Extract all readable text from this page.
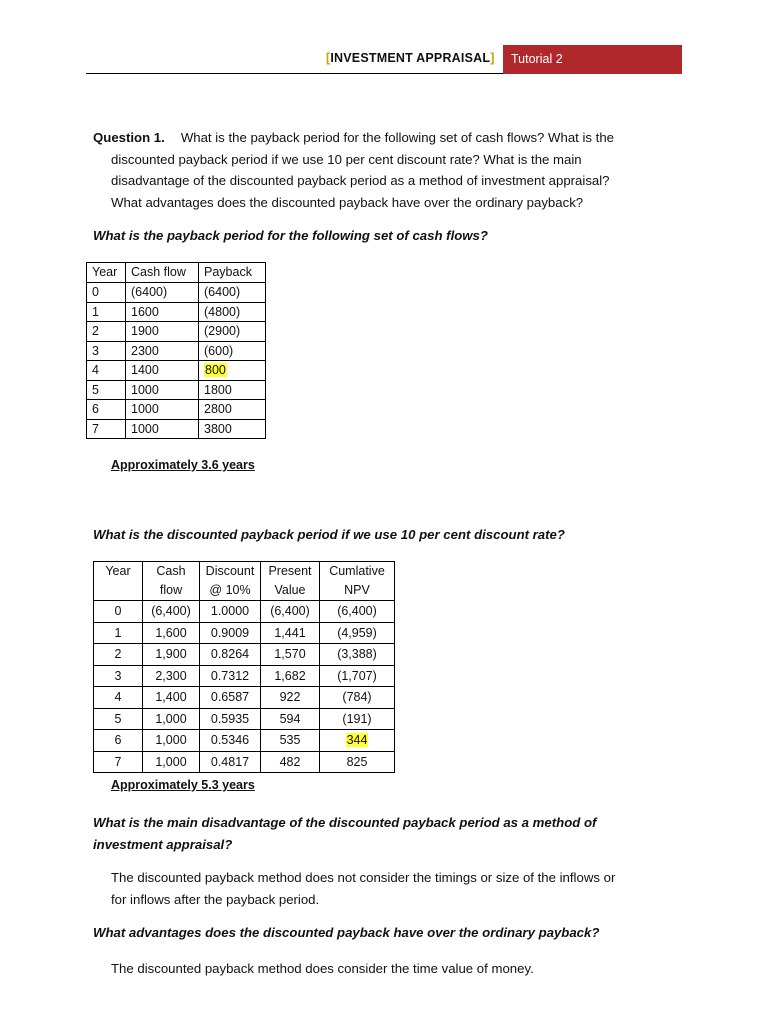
[INVESTMENT APPRAISAL]	Tutorial 2
Question 1. What is the payback period for the following set of cash flows? What is the
discounted payback period if we use 10 per cent discount rate? What is the main
disadvantage of the discounted payback period as a method of investment appraisal?
What advantages does the discounted payback have over the ordinary payback?
What is the payback period for the following set of cash flows?
Year	Cash flow	Payback
0	(6400)	(6400)
1	1600	(4800)
2	1900	(2900)
3	2300	(600)
4	1400	800
5	1000	1800
6	1000	2800
7	1000	3800
Approximately 3.6 years
What is the discounted payback period if we use 10 per cent discount rate?
Year	Cash flow	Discount @ 10%	Present Value	Cumlative NPV
0	(6,400)	1.0000	(6,400)	(6,400)
1	1,600	0.9009	1,441	(4,959)
2	1,900	0.8264	1,570	(3,388)
3	2,300	0.7312	1,682	(1,707)
4	1,400	0.6587	922	(784)
5	1,000	0.5935	594	(191)
6	1,000	0.5346	535	344
7	1,000	0.4817	482	825
Approximately 5.3 years
What is the main disadvantage of the discounted payback period as a method of
investment appraisal?
The discounted payback method does not consider the timings or size of the inflows or
for inflows after the payback period.
What advantages does the discounted payback have over the ordinary payback?
The discounted payback method does consider the time value of money.
